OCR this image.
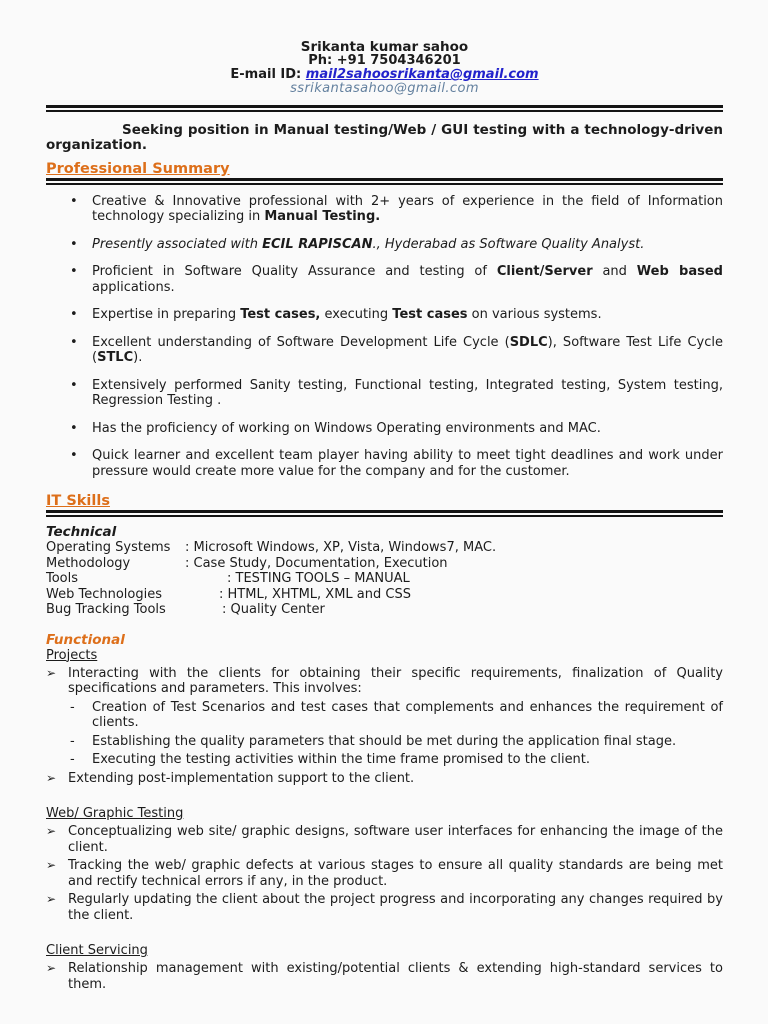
Srikanta kumar sahoo
Ph: +91 7504346201
E-mail ID: mail2sahoosrikanta@gmail.com
ssrikantasahoo@gmail.com

Seeking position in Manual testing/Web / GUI testing with a technology-driven organization.

Professional Summary
•	Creative & Innovative professional with 2+ years of experience in the field of Information technology specializing in Manual Testing.
•	Presently associated with ECIL RAPISCAN., Hyderabad as Software Quality Analyst.
•	Proficient in Software Quality Assurance and testing of Client/Server and Web based applications.
•	Expertise in preparing Test cases, executing Test cases on various systems.
•	Excellent understanding of Software Development Life Cycle (SDLC), Software Test Life Cycle (STLC).
•	Extensively performed Sanity testing, Functional testing, Integrated testing, System testing, Regression Testing .
•	Has the proficiency of working on Windows Operating environments and MAC.
•	Quick learner and excellent team player having ability to meet tight deadlines and work under pressure would create more value for the company and for the customer.
IT Skills
Technical
Operating Systems	: Microsoft Windows, XP, Vista, Windows7, MAC.
Methodology	: Case Study, Documentation, Execution
Tools	: TESTING TOOLS – MANUAL
Web Technologies	: HTML, XHTML, XML and CSS
Bug Tracking Tools	: Quality Center
Functional
Projects
➢ Interacting with the clients for obtaining their specific requirements, finalization of Quality specifications and parameters. This involves:
-	Creation of Test Scenarios and test cases that complements and enhances the requirement of clients.
-	Establishing the quality parameters that should be met during the application final stage.
-	Executing the testing activities within the time frame promised to the client.
➢ Extending post-implementation support to the client.
Web/ Graphic Testing
➢ Conceptualizing web site/ graphic designs, software user interfaces for enhancing the image of the client.
➢ Tracking the web/ graphic defects at various stages to ensure all quality standards are being met and rectify technical errors if any, in the product.
➢ Regularly updating the client about the project progress and incorporating any changes required by the client.
Client Servicing
➢ Relationship management with existing/potential clients & extending high-standard services to them.
